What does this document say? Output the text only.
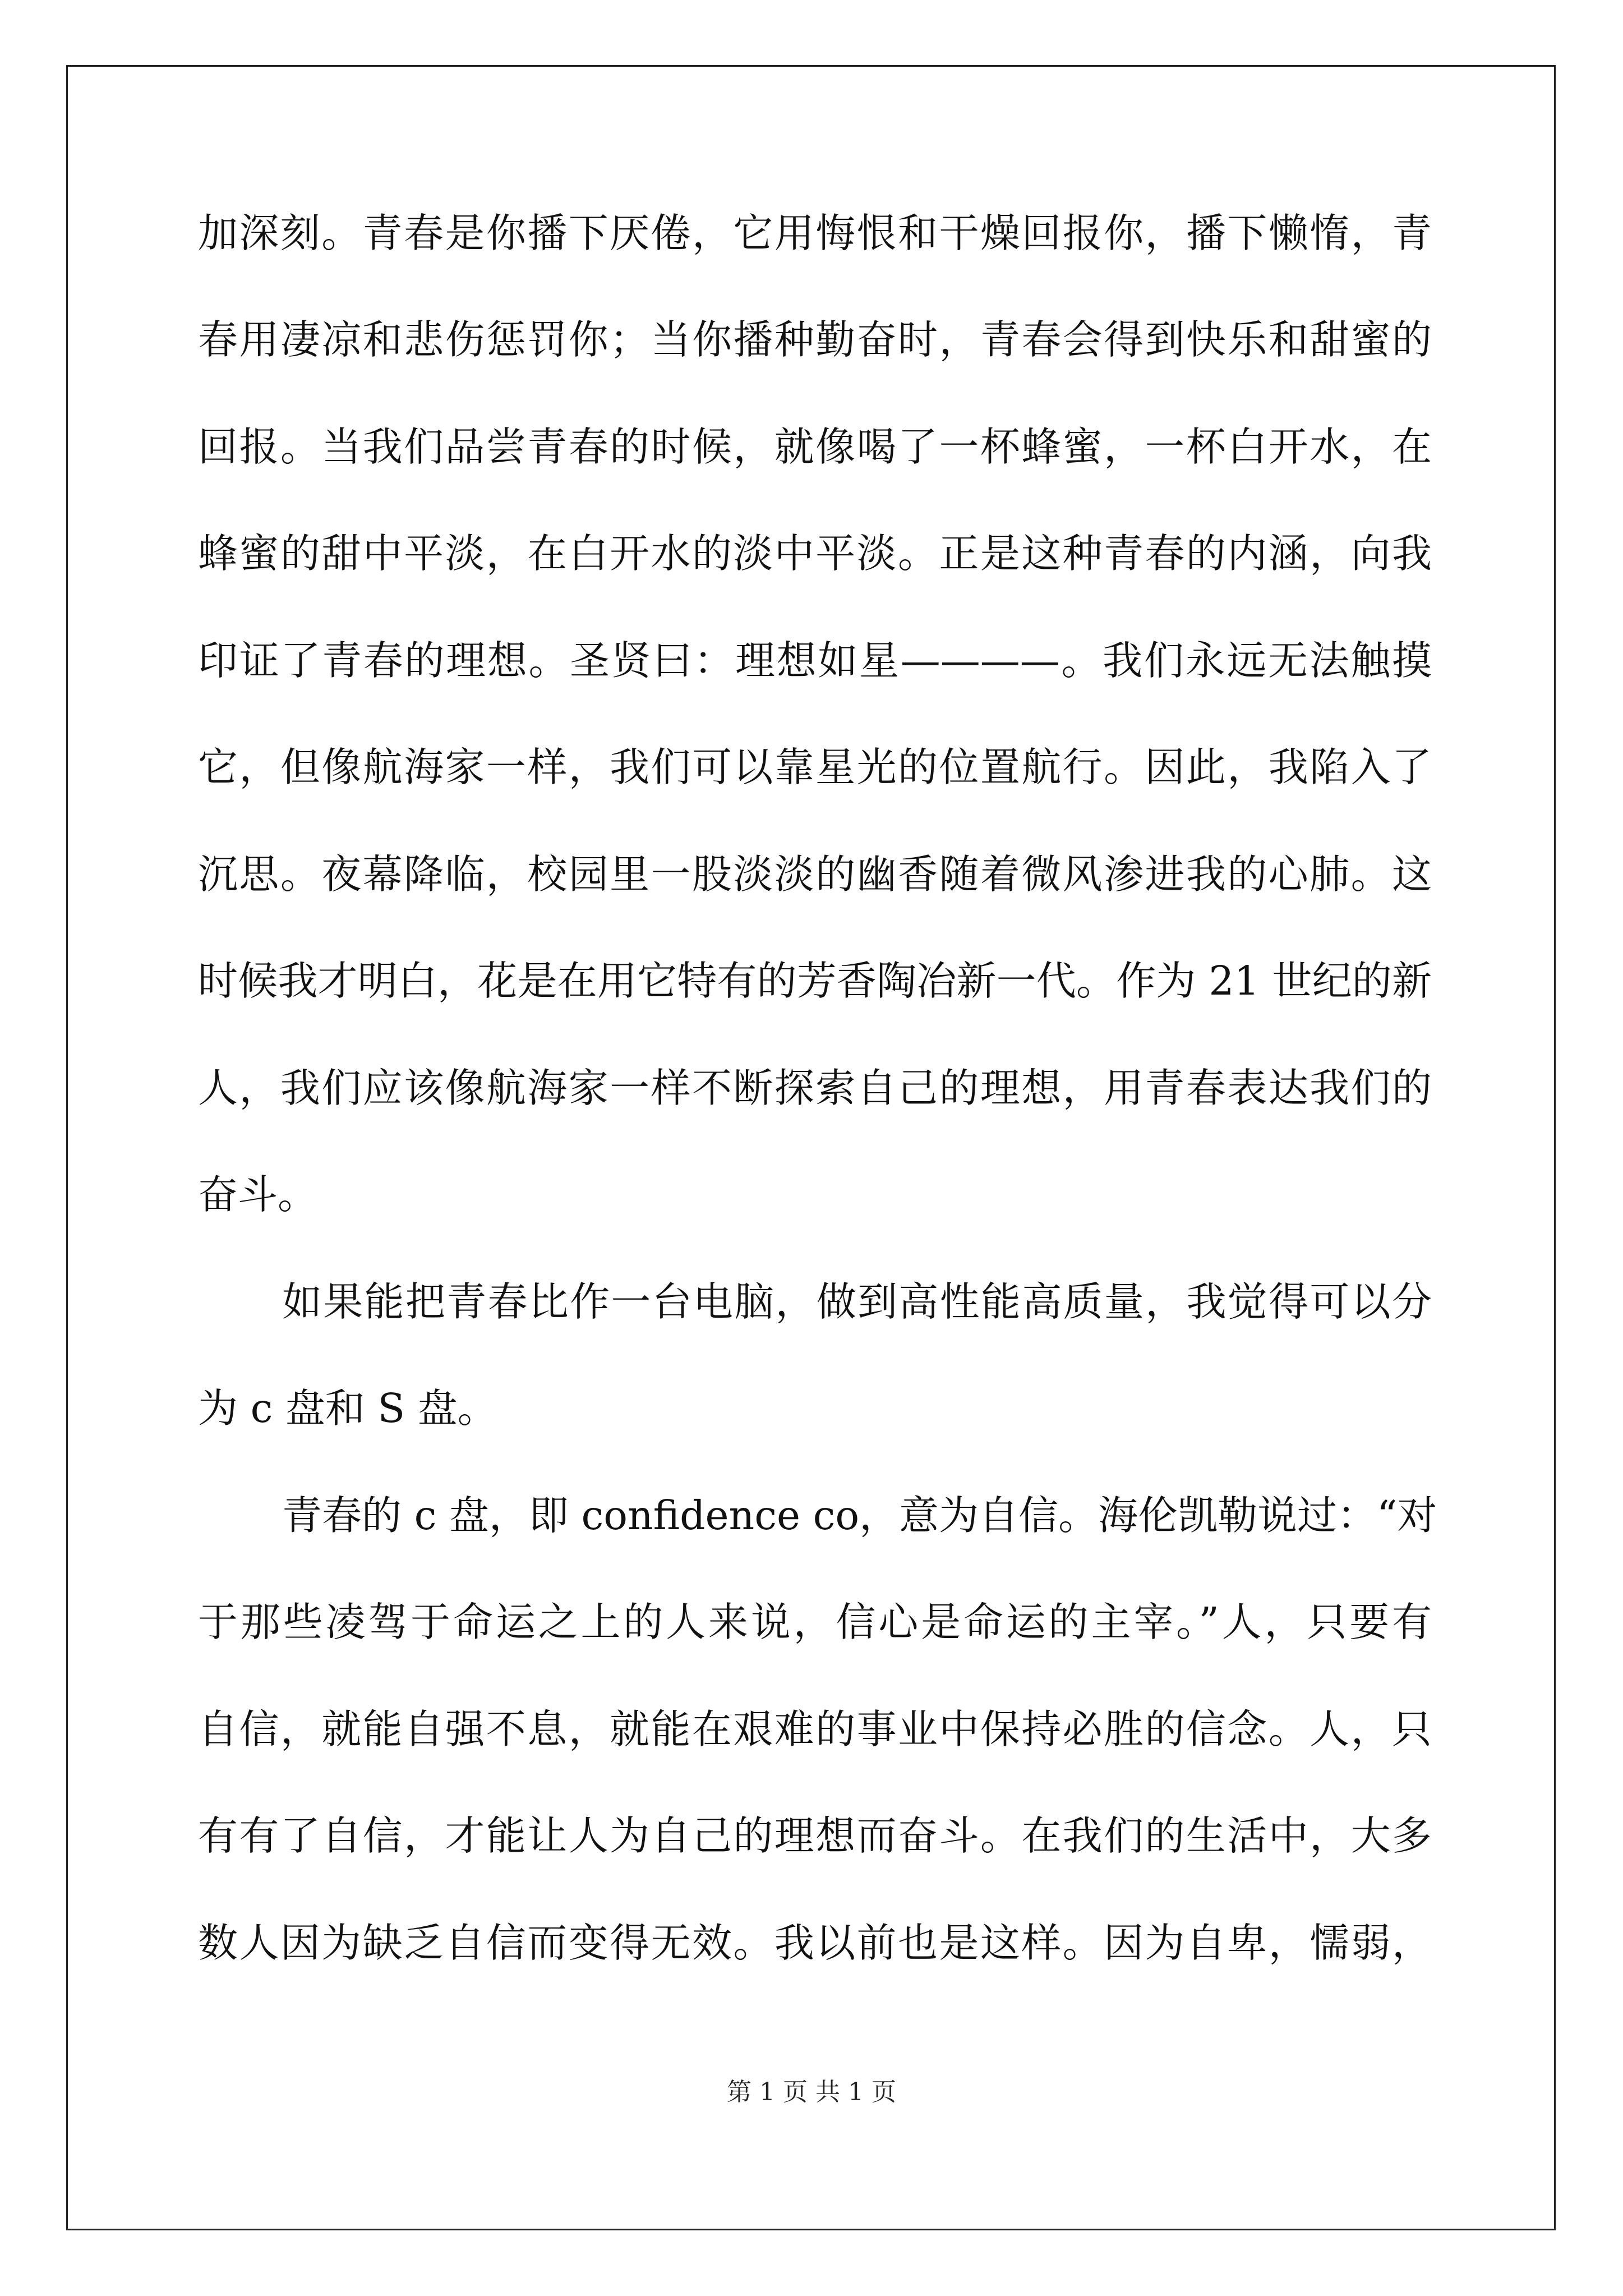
加深刻。青春是你播下厌倦，它用悔恨和干燥回报你，播下懒惰，青
春用凄凉和悲伤惩罚你；当你播种勤奋时，青春会得到快乐和甜蜜的
回报。当我们品尝青春的时候，就像喝了一杯蜂蜜，一杯白开水，在
蜂蜜的甜中平淡，在白开水的淡中平淡。正是这种青春的内涵，向我
印证了青春的理想。圣贤曰：理想如星————。我们永远无法触摸
它，但像航海家一样，我们可以靠星光的位置航行。因此，我陷入了
沉思。夜幕降临，校园里一股淡淡的幽香随着微风渗进我的心肺。这
时候我才明白，花是在用它特有的芳香陶冶新一代。作为 21 世纪的新
人，我们应该像航海家一样不断探索自己的理想，用青春表达我们的
奋斗。
如果能把青春比作一台电脑，做到高性能高质量，我觉得可以分
为 c 盘和 S 盘。
青春的 c 盘，即 confidence co，意为自信。海伦凯勒说过：“对
于那些凌驾于命运之上的人来说，信心是命运的主宰。”人，只要有
自信，就能自强不息，就能在艰难的事业中保持必胜的信念。人，只
有有了自信，才能让人为自己的理想而奋斗。在我们的生活中，大多
数人因为缺乏自信而变得无效。我以前也是这样。因为自卑，懦弱，
第 1 页 共 1 页
